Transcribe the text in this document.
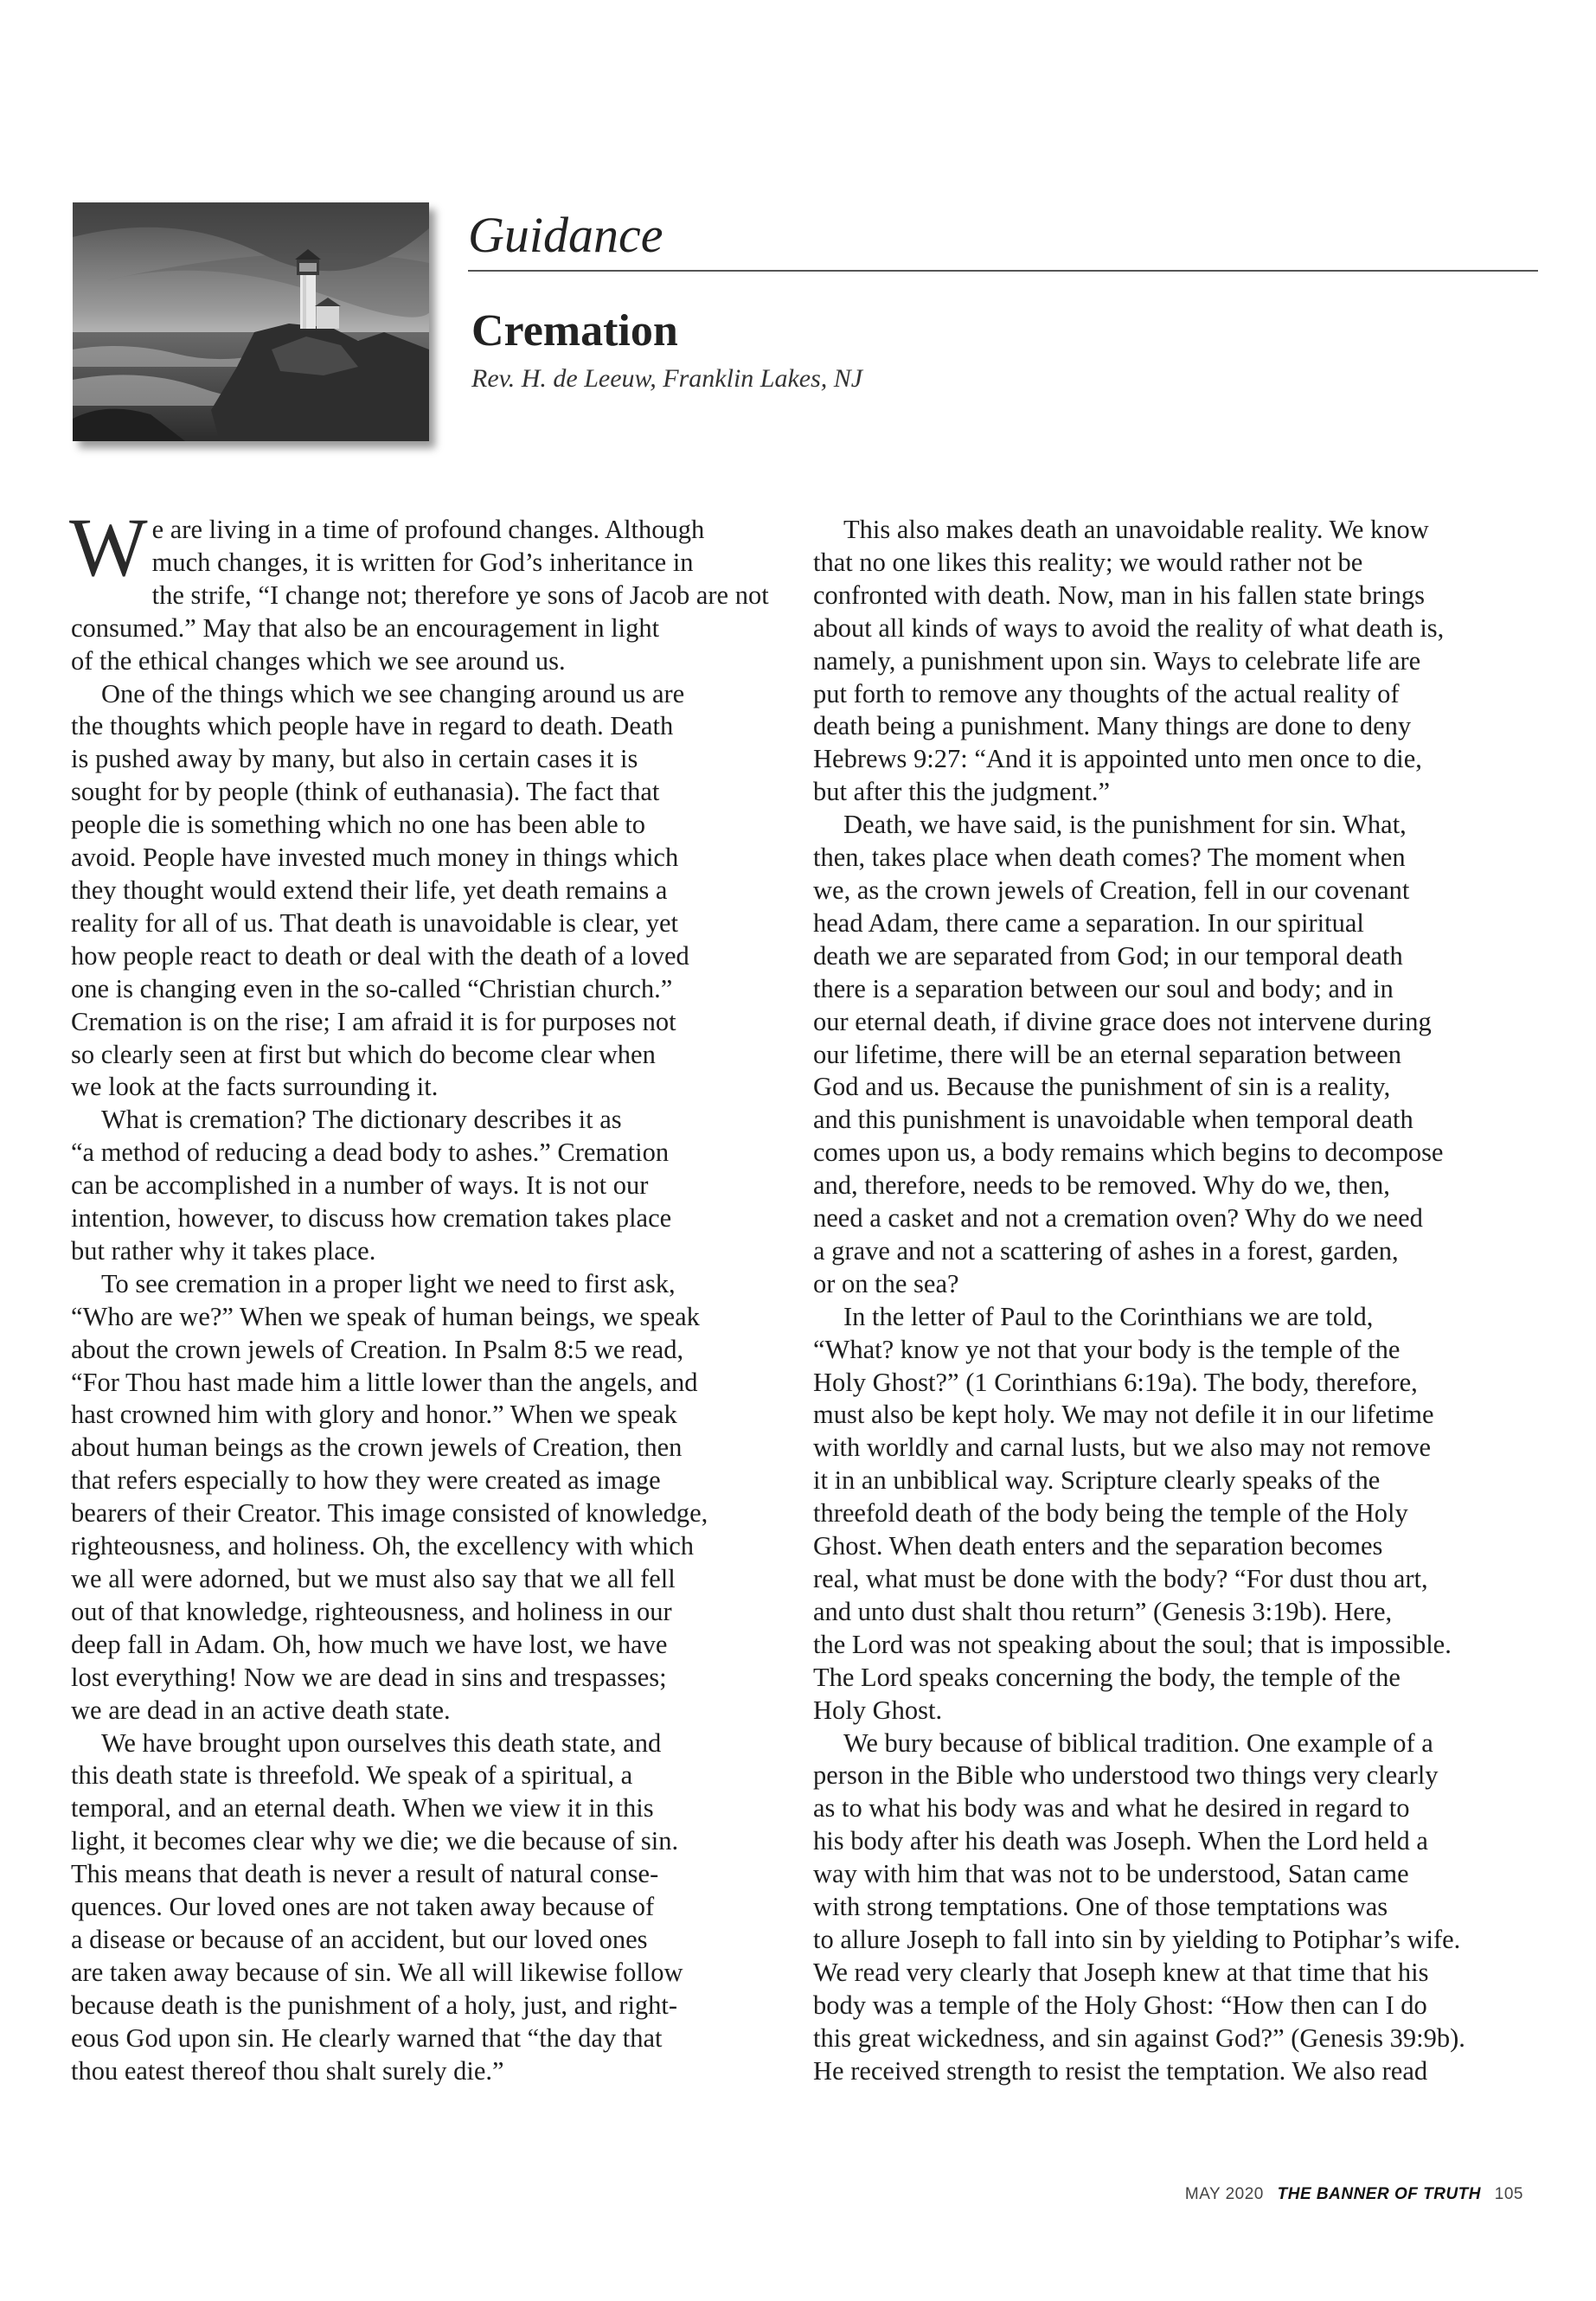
Guidance
Cremation
Rev. H. de Leeuw, Franklin Lakes, NJ

We are living in a time of profound changes. Although
much changes, it is written for God’s inheritance in
the strife, “I change not; therefore ye sons of Jacob are not
consumed.” May that also be an encouragement in light
of the ethical changes which we see around us.

One of the things which we see changing around us are
the thoughts which people have in regard to death. Death
is pushed away by many, but also in certain cases it is
sought for by people (think of euthanasia). The fact that
people die is something which no one has been able to
avoid. People have invested much money in things which
they thought would extend their life, yet death remains a
reality for all of us. That death is unavoidable is clear, yet
how people react to death or deal with the death of a loved
one is changing even in the so-called “Christian church.”
Cremation is on the rise; I am afraid it is for purposes not
so clearly seen at first but which do become clear when
we look at the facts surrounding it.

What is cremation? The dictionary describes it as
“a method of reducing a dead body to ashes.” Cremation
can be accomplished in a number of ways. It is not our
intention, however, to discuss how cremation takes place
but rather why it takes place.

To see cremation in a proper light we need to first ask,
“Who are we?” When we speak of human beings, we speak
about the crown jewels of Creation. In Psalm 8:5 we read,
“For Thou hast made him a little lower than the angels, and
hast crowned him with glory and honor.” When we speak
about human beings as the crown jewels of Creation, then
that refers especially to how they were created as image
bearers of their Creator. This image consisted of knowledge,
righteousness, and holiness. Oh, the excellency with which
we all were adorned, but we must also say that we all fell
out of that knowledge, righteousness, and holiness in our
deep fall in Adam. Oh, how much we have lost, we have
lost everything! Now we are dead in sins and trespasses;
we are dead in an active death state.

We have brought upon ourselves this death state, and
this death state is threefold. We speak of a spiritual, a
temporal, and an eternal death. When we view it in this
light, it becomes clear why we die; we die because of sin.
This means that death is never a result of natural conse-
quences. Our loved ones are not taken away because of
a disease or because of an accident, but our loved ones
are taken away because of sin. We all will likewise follow
because death is the punishment of a holy, just, and right-
eous God upon sin. He clearly warned that “the day that
thou eatest thereof thou shalt surely die.”

This also makes death an unavoidable reality. We know
that no one likes this reality; we would rather not be
confronted with death. Now, man in his fallen state brings
about all kinds of ways to avoid the reality of what death is,
namely, a punishment upon sin. Ways to celebrate life are
put forth to remove any thoughts of the actual reality of
death being a punishment. Many things are done to deny
Hebrews 9:27: “And it is appointed unto men once to die,
but after this the judgment.”

Death, we have said, is the punishment for sin. What,
then, takes place when death comes? The moment when
we, as the crown jewels of Creation, fell in our covenant
head Adam, there came a separation. In our spiritual
death we are separated from God; in our temporal death
there is a separation between our soul and body; and in
our eternal death, if divine grace does not intervene during
our lifetime, there will be an eternal separation between
God and us. Because the punishment of sin is a reality,
and this punishment is unavoidable when temporal death
comes upon us, a body remains which begins to decompose
and, therefore, needs to be removed. Why do we, then,
need a casket and not a cremation oven? Why do we need
a grave and not a scattering of ashes in a forest, garden,
or on the sea?

In the letter of Paul to the Corinthians we are told,
“What? know ye not that your body is the temple of the
Holy Ghost?” (1 Corinthians 6:19a). The body, therefore,
must also be kept holy. We may not defile it in our lifetime
with worldly and carnal lusts, but we also may not remove
it in an unbiblical way. Scripture clearly speaks of the
threefold death of the body being the temple of the Holy
Ghost. When death enters and the separation becomes
real, what must be done with the body? “For dust thou art,
and unto dust shalt thou return” (Genesis 3:19b). Here,
the Lord was not speaking about the soul; that is impossible.
The Lord speaks concerning the body, the temple of the
Holy Ghost.

We bury because of biblical tradition. One example of a
person in the Bible who understood two things very clearly
as to what his body was and what he desired in regard to
his body after his death was Joseph. When the Lord held a
way with him that was not to be understood, Satan came
with strong temptations. One of those temptations was
to allure Joseph to fall into sin by yielding to Potiphar’s wife.
We read very clearly that Joseph knew at that time that his
body was a temple of the Holy Ghost: “How then can I do
this great wickedness, and sin against God?” (Genesis 39:9b).
He received strength to resist the temptation. We also read

MAY 2020 THE BANNER OF TRUTH 105
